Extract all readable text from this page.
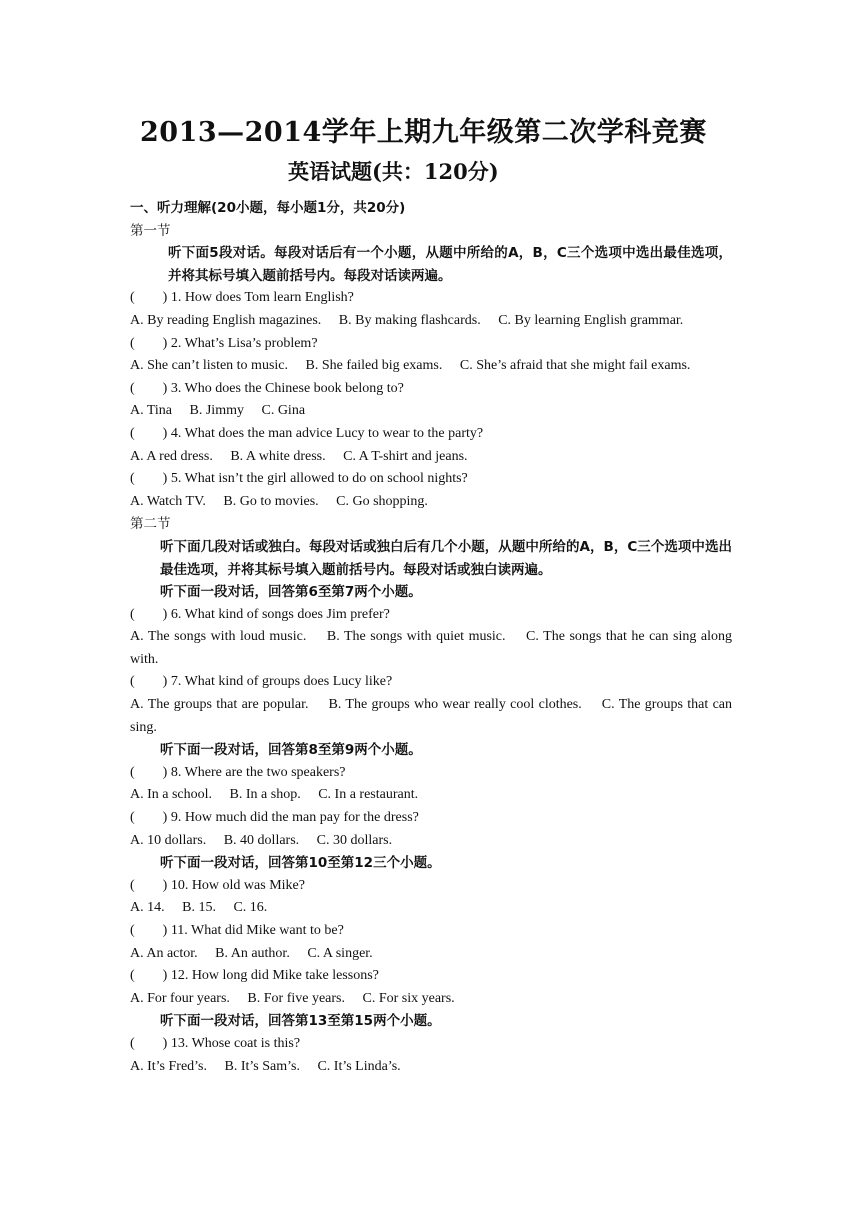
2013—2014学年上期九年级第二次学科竞赛
英语试题(共：120分)
一、听力理解(20小题，每小题1分，共20分)
第一节
听下面5段对话。每段对话后有一个小题，从题中所给的A，B，C三个选项中选出最佳选项，并将其标号填入题前括号内。每段对话读两遍。
(　　) 1. How does Tom learn English?
A. By reading English magazines.　 B. By making flashcards.　 C. By learning English grammar.
(　　) 2. What’s Lisa’s problem?
A. She can’t listen to music.　 B. She failed big exams.　 C. She’s afraid that she might fail exams.
(　　) 3. Who does the Chinese book belong to?
A. Tina　 B. Jimmy　 C. Gina
(　　) 4. What does the man advice Lucy to wear to the party?
A. A red dress.　 B. A white dress.　 C. A T-shirt and jeans.
(　　) 5. What isn’t the girl allowed to do on school nights?
A. Watch TV.　 B. Go to movies.　 C. Go shopping.
第二节
听下面几段对话或独白。每段对话或独白后有几个小题，从题中所给的A，B，C三个选项中选出最佳选项，并将其标号填入题前括号内。每段对话或独白读两遍。
听下面一段对话，回答第6至第7两个小题。
(　　) 6. What kind of songs does Jim prefer?
A. The songs with loud music.　 B. The songs with quiet music.　 C. The songs that he can sing along with.
(　　) 7. What kind of groups does Lucy like?
A. The groups that are popular.　 B. The groups who wear really cool clothes.　 C. The groups that can sing.
听下面一段对话，回答第8至第9两个小题。
(　　) 8. Where are the two speakers?
A. In a school.　 B. In a shop.　 C. In a restaurant.
(　　) 9. How much did the man pay for the dress?
A. 10 dollars.　 B. 40 dollars.　 C. 30 dollars.
听下面一段对话，回答第10至第12三个小题。
(　　) 10. How old was Mike?
A. 14.　 B. 15.　 C. 16.
(　　) 11. What did Mike want to be?
A. An actor.　 B. An author.　 C. A singer.
(　　) 12. How long did Mike take lessons?
A. For four years.　 B. For five years.　 C. For six years.
听下面一段对话，回答第13至第15两个小题。
(　　) 13. Whose coat is this?
A. It’s Fred’s.　 B. It’s Sam’s.　 C. It’s Linda’s.
